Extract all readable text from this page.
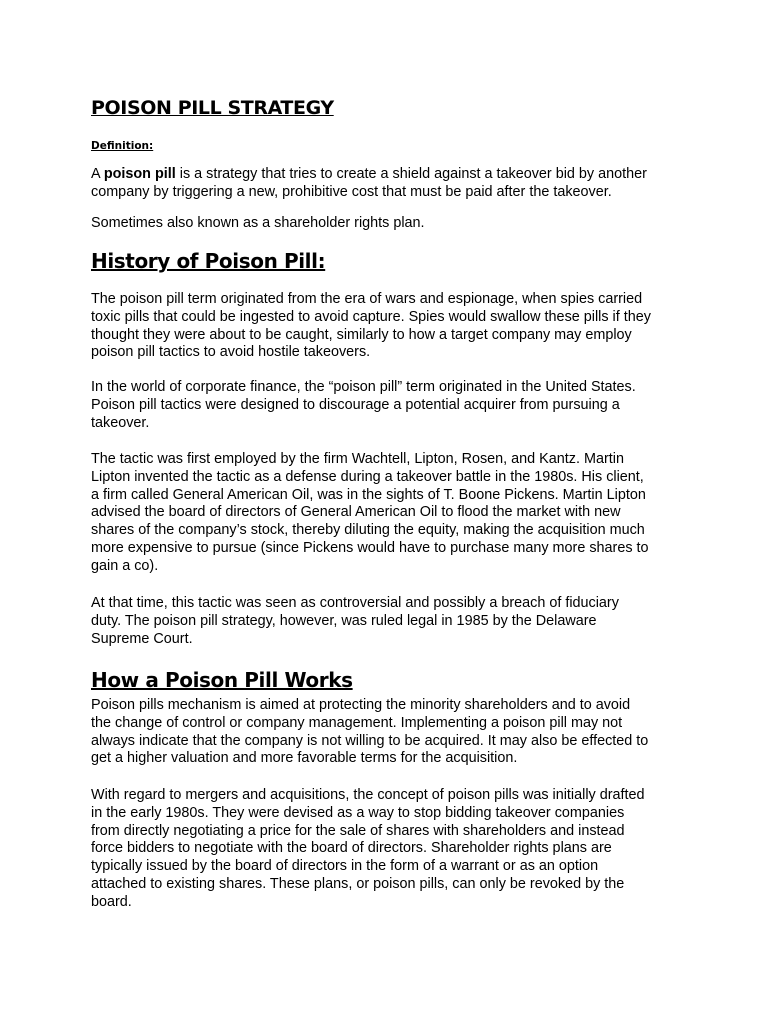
POISON PILL STRATEGY

Definition:

A poison pill is a strategy that tries to create a shield against a takeover bid by another
company by triggering a new, prohibitive cost that must be paid after the takeover.

Sometimes also known as a shareholder rights plan.

History of Poison Pill:

The poison pill term originated from the era of wars and espionage, when spies carried
toxic pills that could be ingested to avoid capture. Spies would swallow these pills if they
thought they were about to be caught, similarly to how a target company may employ
poison pill tactics to avoid hostile takeovers.

In the world of corporate finance, the “poison pill” term originated in the United States.
Poison pill tactics were designed to discourage a potential acquirer from pursuing a
takeover.

The tactic was first employed by the firm Wachtell, Lipton, Rosen, and Kantz. Martin
Lipton invented the tactic as a defense during a takeover battle in the 1980s. His client,
a firm called General American Oil, was in the sights of T. Boone Pickens. Martin Lipton
advised the board of directors of General American Oil to flood the market with new
shares of the company’s stock, thereby diluting the equity, making the acquisition much
more expensive to pursue (since Pickens would have to purchase many more shares to
gain a co).

At that time, this tactic was seen as controversial and possibly a breach of fiduciary
duty. The poison pill strategy, however, was ruled legal in 1985 by the Delaware
Supreme Court.

How a Poison Pill Works

Poison pills mechanism is aimed at protecting the minority shareholders and to avoid
the change of control or company management. Implementing a poison pill may not
always indicate that the company is not willing to be acquired. It may also be effected to
get a higher valuation and more favorable terms for the acquisition.

With regard to mergers and acquisitions, the concept of poison pills was initially drafted
in the early 1980s. They were devised as a way to stop bidding takeover companies
from directly negotiating a price for the sale of shares with shareholders and instead
force bidders to negotiate with the board of directors. Shareholder rights plans are
typically issued by the board of directors in the form of a warrant or as an option
attached to existing shares. These plans, or poison pills, can only be revoked by the
board.
